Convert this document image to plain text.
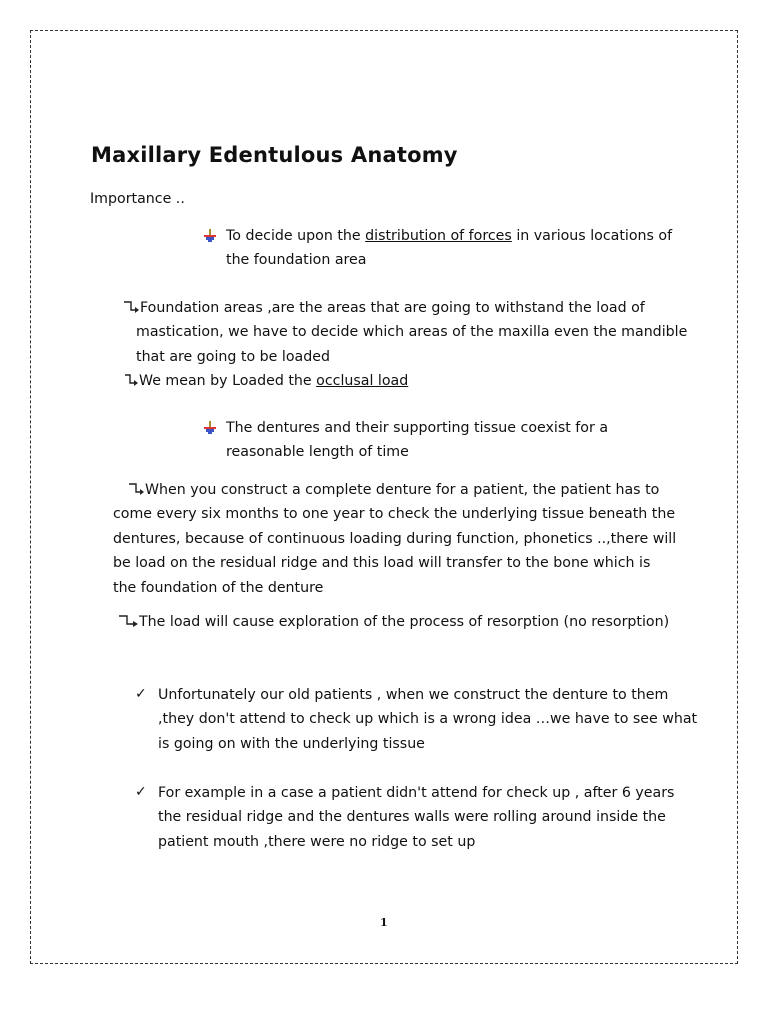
Maxillary Edentulous Anatomy
Importance ..
To decide upon the distribution of forces in various locations of
the foundation area
Foundation areas ,are the areas that are going to withstand the load of
mastication, we have to decide which areas of the maxilla even the mandible
that are going to be loaded
We mean by Loaded the occlusal load
The dentures and their supporting tissue coexist for a
reasonable length of time
When you construct a complete denture for a patient, the patient has to
come every six months to one year to check the underlying tissue beneath the
dentures, because of continuous loading during function, phonetics ..,there will
be load on the residual ridge and this load will transfer to the bone which is
the foundation of the denture
The load will cause exploration of the process of resorption (no resorption)
✓ Unfortunately our old patients , when we construct the denture to them
,they don't attend to check up which is a wrong idea …we have to see what
is going on with the underlying tissue
✓ For example in a case a patient didn't attend for check up , after 6 years
the residual ridge and the dentures walls were rolling around inside the
patient mouth ,there were no ridge to set up
1
